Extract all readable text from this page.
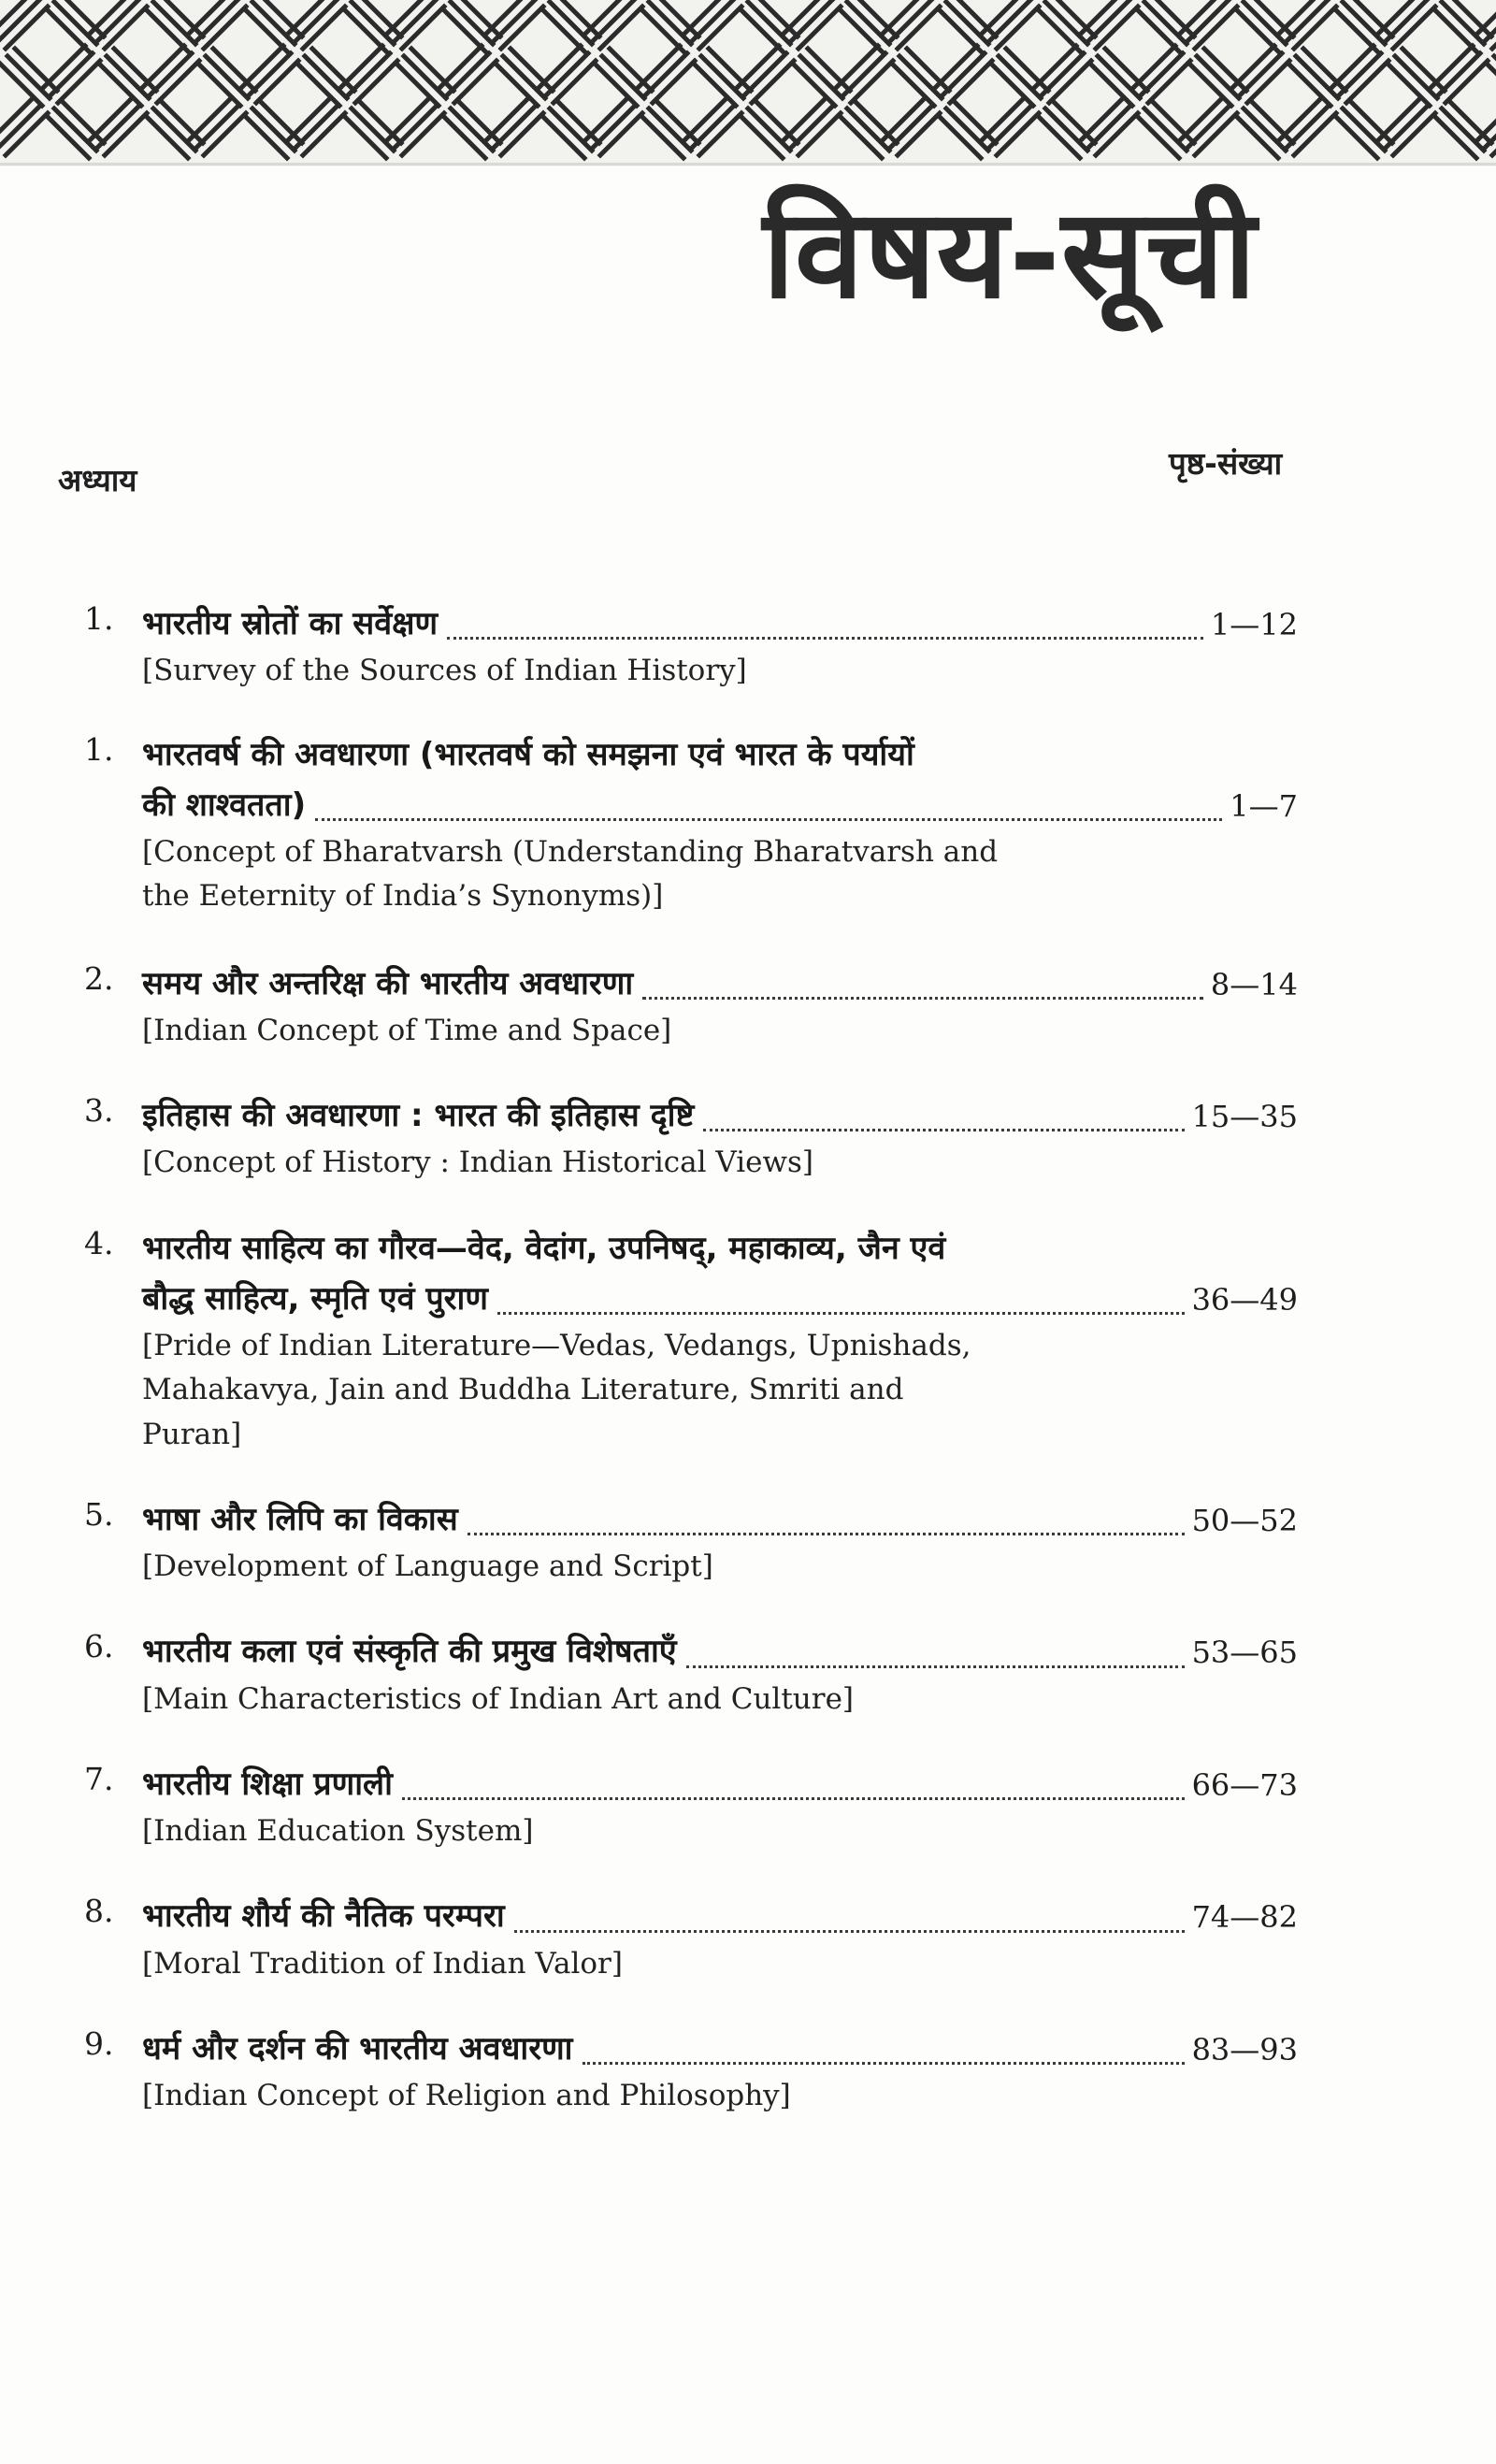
विषय-सूची
अध्याय	पृष्ठ-संख्या
1. भारतीय स्रोतों का सर्वेक्षण	1—12
[Survey of the Sources of Indian History]
1. भारतवर्ष की अवधारणा (भारतवर्ष को समझना एवं भारत के पर्यायों
की शाश्वतता)	1—7
[Concept of Bharatvarsh (Understanding Bharatvarsh and
the Eeternity of India’s Synonyms)]
2. समय और अन्तरिक्ष की भारतीय अवधारणा	8—14
[Indian Concept of Time and Space]
3. इतिहास की अवधारणा : भारत की इतिहास दृष्टि	15—35
[Concept of History : Indian Historical Views]
4. भारतीय साहित्य का गौरव—वेद, वेदांग, उपनिषद्, महाकाव्य, जैन एवं
बौद्ध साहित्य, स्मृति एवं पुराण	36—49
[Pride of Indian Literature—Vedas, Vedangs, Upnishads,
Mahakavya, Jain and Buddha Literature, Smriti and
Puran]
5. भाषा और लिपि का विकास	50—52
[Development of Language and Script]
6. भारतीय कला एवं संस्कृति की प्रमुख विशेषताएँ	53—65
[Main Characteristics of Indian Art and Culture]
7. भारतीय शिक्षा प्रणाली	66—73
[Indian Education System]
8. भारतीय शौर्य की नैतिक परम्परा	74—82
[Moral Tradition of Indian Valor]
9. धर्म और दर्शन की भारतीय अवधारणा	83—93
[Indian Concept of Religion and Philosophy]
